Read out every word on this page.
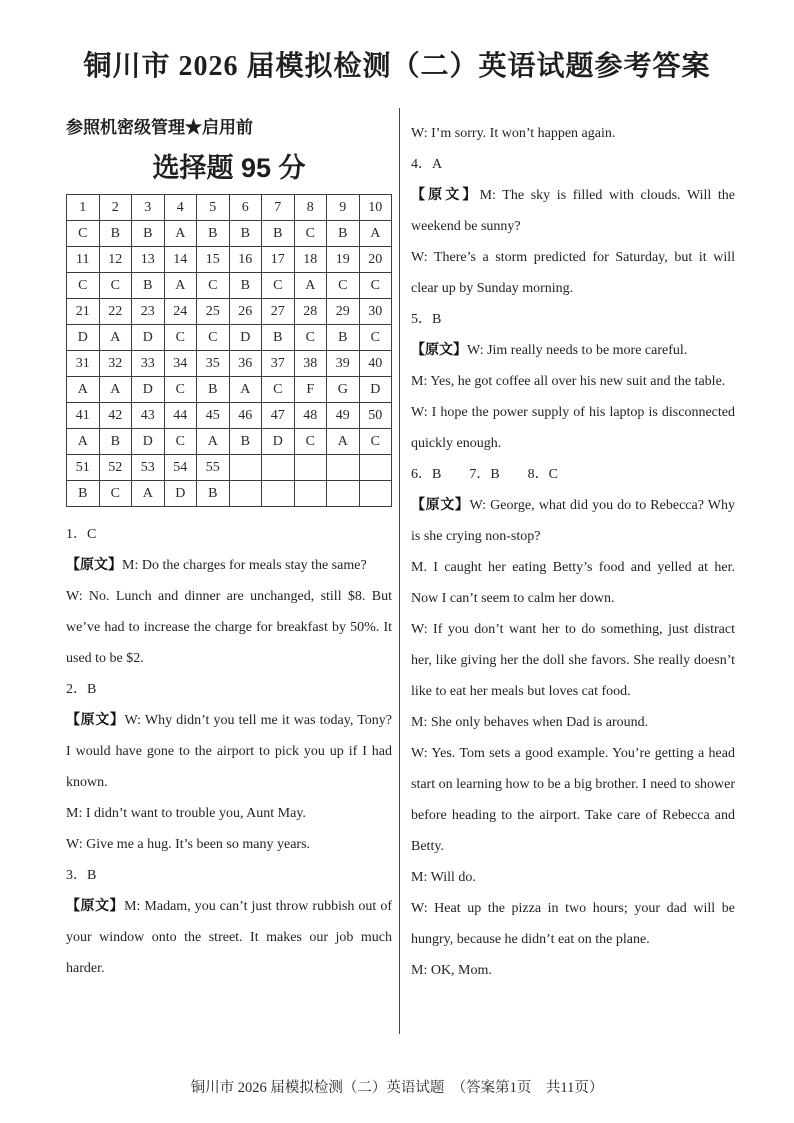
铜川市 2026 届模拟检测（二）英语试题参考答案
参照机密级管理★启用前
选择题 95 分
1	2	3	4	5	6	7	8	9	10
C	B	B	A	B	B	B	C	B	A
11	12	13	14	15	16	17	18	19	20
C	C	B	A	C	B	C	A	C	C
21	22	23	24	25	26	27	28	29	30
D	A	D	C	C	D	B	C	B	C
31	32	33	34	35	36	37	38	39	40
A	A	D	C	B	A	C	F	G	D
41	42	43	44	45	46	47	48	49	50
A	B	D	C	A	B	D	C	A	C
51	52	53	54	55					
B	C	A	D	B					
1．C
【原文】M: Do the charges for meals stay the same?
W: No. Lunch and dinner are unchanged, still $8. But we’ve had to increase the charge for breakfast by 50%. It used to be $2.
2．B
【原文】W: Why didn’t you tell me it was today, Tony? I would have gone to the airport to pick you up if I had known.
M: I didn’t want to trouble you, Aunt May.
W: Give me a hug. It’s been so many years.
3．B
【原文】M: Madam, you can’t just throw rubbish out of your window onto the street. It makes our job much harder.
W: I’m sorry. It won’t happen again.
4．A
【原文】M: The sky is filled with clouds. Will the weekend be sunny?
W: There’s a storm predicted for Saturday, but it will clear up by Sunday morning.
5．B
【原文】W: Jim really needs to be more careful.
M: Yes, he got coffee all over his new suit and the table.
W: I hope the power supply of his laptop is disconnected quickly enough.
6．B　　7．B　　8．C
【原文】W: George, what did you do to Rebecca? Why is she crying non-stop?
M. I caught her eating Betty’s food and yelled at her. Now I can’t seem to calm her down.
W: If you don’t want her to do something, just distract her, like giving her the doll she favors. She really doesn’t like to eat her meals but loves cat food.
M: She only behaves when Dad is around.
W: Yes. Tom sets a good example. You’re getting a head start on learning how to be a big brother. I need to shower before heading to the airport. Take care of Rebecca and Betty.
M: Will do.
W: Heat up the pizza in two hours; your dad will be hungry, because he didn’t eat on the plane.
M: OK, Mom.
铜川市 2026 届模拟检测（二）英语试题　（答案第1页　共11页）
